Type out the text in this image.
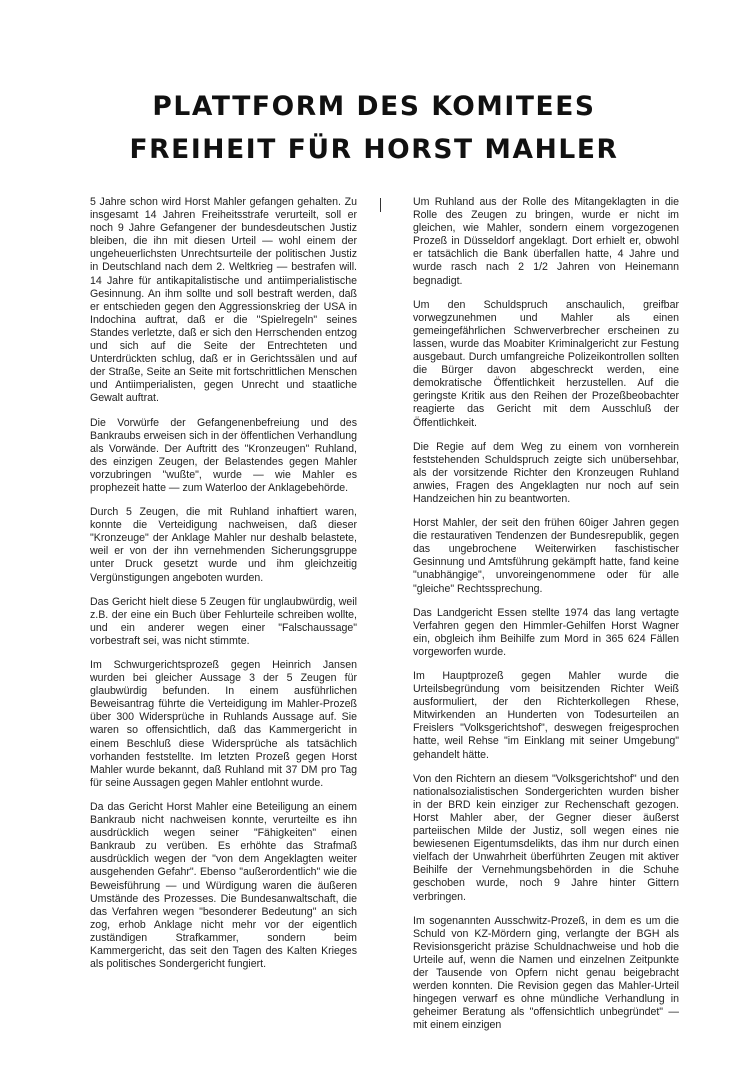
PLATTFORM DES KOMITEES
FREIHEIT FÜR HORST MAHLER

5 Jahre schon wird Horst Mahler gefangen gehalten. Zu insgesamt 14 Jahren Freiheitsstrafe verurteilt, soll er noch 9 Jahre Gefangener der bundesdeutschen Justiz bleiben, die ihn mit diesen Urteil — wohl einem der ungeheuerlichsten Unrechtsurteile der politischen Justiz in Deutschland nach dem 2. Weltkrieg — bestrafen will. 14 Jahre für antikapitalistische und antiimperialistische Gesinnung. An ihm sollte und soll bestraft werden, daß er entschieden gegen den Aggressionskrieg der USA in Indochina auftrat, daß er die "Spielregeln" seines Standes verletzte, daß er sich den Herrschenden entzog und sich auf die Seite der Entrechteten und Unterdrückten schlug, daß er in Gerichtssälen und auf der Straße, Seite an Seite mit fortschrittlichen Menschen und Antiimperialisten, gegen Unrecht und staatliche Gewalt auftrat.

Die Vorwürfe der Gefangenenbefreiung und des Bankraubs erweisen sich in der öffentlichen Verhandlung als Vorwände. Der Auftritt des "Kronzeugen" Ruhland, des einzigen Zeugen, der Belastendes gegen Mahler vorzubringen "wußte", wurde — wie Mahler es prophezeit hatte — zum Waterloo der Anklagebehörde.

Durch 5 Zeugen, die mit Ruhland inhaftiert waren, konnte die Verteidigung nachweisen, daß dieser "Kronzeuge" der Anklage Mahler nur deshalb belastete, weil er von der ihn vernehmenden Sicherungsgruppe unter Druck gesetzt wurde und ihm gleichzeitig Vergünstigungen angeboten wurden.

Das Gericht hielt diese 5 Zeugen für unglaubwürdig, weil z.B. der eine ein Buch über Fehlurteile schreiben wollte, und ein anderer wegen einer "Falschaussage" vorbestraft sei, was nicht stimmte.

Im Schwurgerichtsprozeß gegen Heinrich Jansen wurden bei gleicher Aussage 3 der 5 Zeugen für glaubwürdig befunden. In einem ausführlichen Beweisantrag führte die Verteidigung im Mahler-Prozeß über 300 Widersprüche in Ruhlands Aussage auf. Sie waren so offensichtlich, daß das Kammergericht in einem Beschluß diese Widersprüche als tatsächlich vorhanden feststellte. Im letzten Prozeß gegen Horst Mahler wurde bekannt, daß Ruhland mit 37 DM pro Tag für seine Aussagen gegen Mahler entlohnt wurde.

Da das Gericht Horst Mahler eine Beteiligung an einem Bankraub nicht nachweisen konnte, verurteilte es ihn ausdrücklich wegen seiner "Fähigkeiten" einen Bankraub zu verüben. Es erhöhte das Strafmaß ausdrücklich wegen der "von dem Angeklagten weiter ausgehenden Gefahr". Ebenso "außerordentlich" wie die Beweisführung — und Würdigung waren die äußeren Umstände des Prozesses. Die Bundesanwaltschaft, die das Verfahren wegen "besonderer Bedeutung" an sich zog, erhob Anklage nicht mehr vor der eigentlich zuständigen Strafkammer, sondern beim Kammergericht, das seit den Tagen des Kalten Krieges als politisches Sondergericht fungiert.

Um Ruhland aus der Rolle des Mitangeklagten in die Rolle des Zeugen zu bringen, wurde er nicht im gleichen, wie Mahler, sondern einem vorgezogenen Prozeß in Düsseldorf angeklagt. Dort erhielt er, obwohl er tatsächlich die Bank überfallen hatte, 4 Jahre und wurde rasch nach 2 1/2 Jahren von Heinemann begnadigt.

Um den Schuldspruch anschaulich, greifbar vorwegzunehmen und Mahler als einen gemeingefährlichen Schwerverbrecher erscheinen zu lassen, wurde das Moabiter Kriminalgericht zur Festung ausgebaut. Durch umfangreiche Polizeikontrollen sollten die Bürger davon abgeschreckt werden, eine demokratische Öffentlichkeit herzustellen. Auf die geringste Kritik aus den Reihen der Prozeßbeobachter reagierte das Gericht mit dem Ausschluß der Öffentlichkeit.

Die Regie auf dem Weg zu einem von vornherein feststehenden Schuldspruch zeigte sich unübersehbar, als der vorsitzende Richter den Kronzeugen Ruhland anwies, Fragen des Angeklagten nur noch auf sein Handzeichen hin zu beantworten.

Horst Mahler, der seit den frühen 60iger Jahren gegen die restaurativen Tendenzen der Bundesrepublik, gegen das ungebrochene Weiterwirken faschistischer Gesinnung und Amtsführung gekämpft hatte, fand keine "unabhängige", unvoreingenommene oder für alle "gleiche" Rechtssprechung.

Das Landgericht Essen stellte 1974 das lang vertagte Verfahren gegen den Himmler-Gehilfen Horst Wagner ein, obgleich ihm Beihilfe zum Mord in 365 624 Fällen vorgeworfen wurde.

Im Hauptprozeß gegen Mahler wurde die Urteilsbegründung vom beisitzenden Richter Weiß ausformuliert, der den Richterkollegen Rhese, Mitwirkenden an Hunderten von Todesurteilen an Freislers "Volksgerichtshof", deswegen freigesprochen hatte, weil Rehse "im Einklang mit seiner Umgebung" gehandelt hätte.

Von den Richtern an diesem "Volksgerichtshof" und den nationalsozialistischen Sondergerichten wurden bisher in der BRD kein einziger zur Rechenschaft gezogen. Horst Mahler aber, der Gegner dieser äußerst parteiischen Milde der Justiz, soll wegen eines nie bewiesenen Eigentumsdelikts, das ihm nur durch einen vielfach der Unwahrheit überführten Zeugen mit aktiver Beihilfe der Vernehmungsbehörden in die Schuhe geschoben wurde, noch 9 Jahre hinter Gittern verbringen.

Im sogenannten Ausschwitz-Prozeß, in dem es um die Schuld von KZ-Mördern ging, verlangte der BGH als Revisionsgericht präzise Schuldnachweise und hob die Urteile auf, wenn die Namen und einzelnen Zeitpunkte der Tausende von Opfern nicht genau beigebracht werden konnten. Die Revision gegen das Mahler-Urteil hingegen verwarf es ohne mündliche Verhandlung in geheimer Beratung als "offensichtlich unbegründet" — mit einem einzigen
